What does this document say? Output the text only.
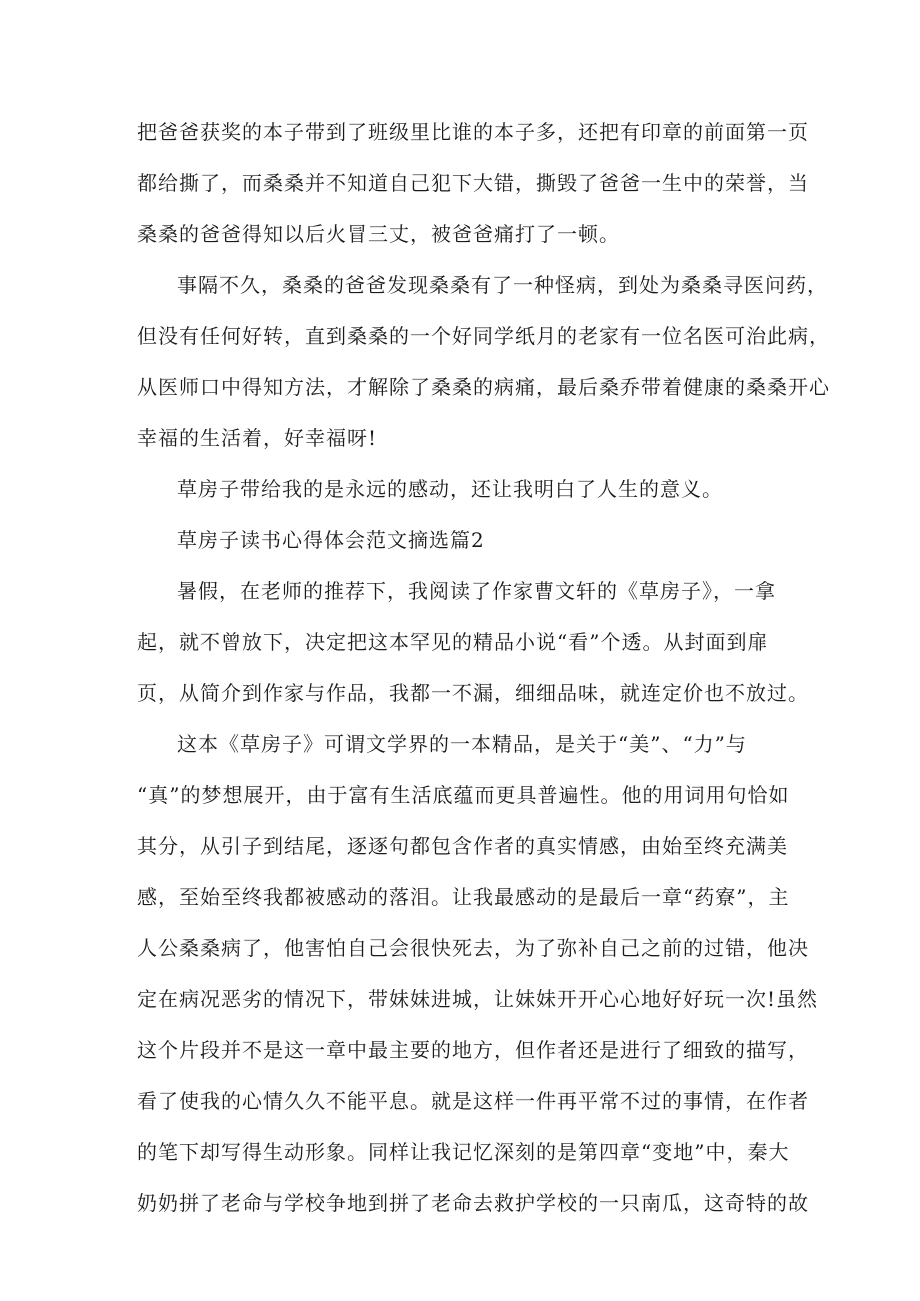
把爸爸获奖的本子带到了班级里比谁的本子多，还把有印章的前面第一页
都给撕了，而桑桑并不知道自己犯下大错，撕毁了爸爸一生中的荣誉，当
桑桑的爸爸得知以后火冒三丈，被爸爸痛打了一顿。
事隔不久，桑桑的爸爸发现桑桑有了一种怪病，到处为桑桑寻医问药，
但没有任何好转，直到桑桑的一个好同学纸月的老家有一位名医可治此病，
从医师口中得知方法，才解除了桑桑的病痛，最后桑乔带着健康的桑桑开心
幸福的生活着，好幸福呀!
草房子带给我的是永远的感动，还让我明白了人生的意义。
草房子读书心得体会范文摘选篇2
暑假，在老师的推荐下，我阅读了作家曹文轩的《草房子》，一拿
起，就不曾放下，决定把这本罕见的精品小说“看”个透。从封面到扉
页，从简介到作家与作品，我都一不漏，细细品味，就连定价也不放过。
这本《草房子》可谓文学界的一本精品，是关于“美”、“力”与
“真”的梦想展开，由于富有生活底蕴而更具普遍性。他的用词用句恰如
其分，从引子到结尾，逐逐句都包含作者的真实情感，由始至终充满美
感，至始至终我都被感动的落泪。让我最感动的是最后一章“药寮”，主
人公桑桑病了，他害怕自己会很快死去，为了弥补自己之前的过错，他决
定在病况恶劣的情况下，带妹妹进城，让妹妹开开心心地好好玩一次!虽然
这个片段并不是这一章中最主要的地方，但作者还是进行了细致的描写，
看了使我的心情久久不能平息。就是这样一件再平常不过的事情，在作者
的笔下却写得生动形象。同样让我记忆深刻的是第四章“变地”中，秦大
奶奶拼了老命与学校争地到拼了老命去救护学校的一只南瓜，这奇特的故
